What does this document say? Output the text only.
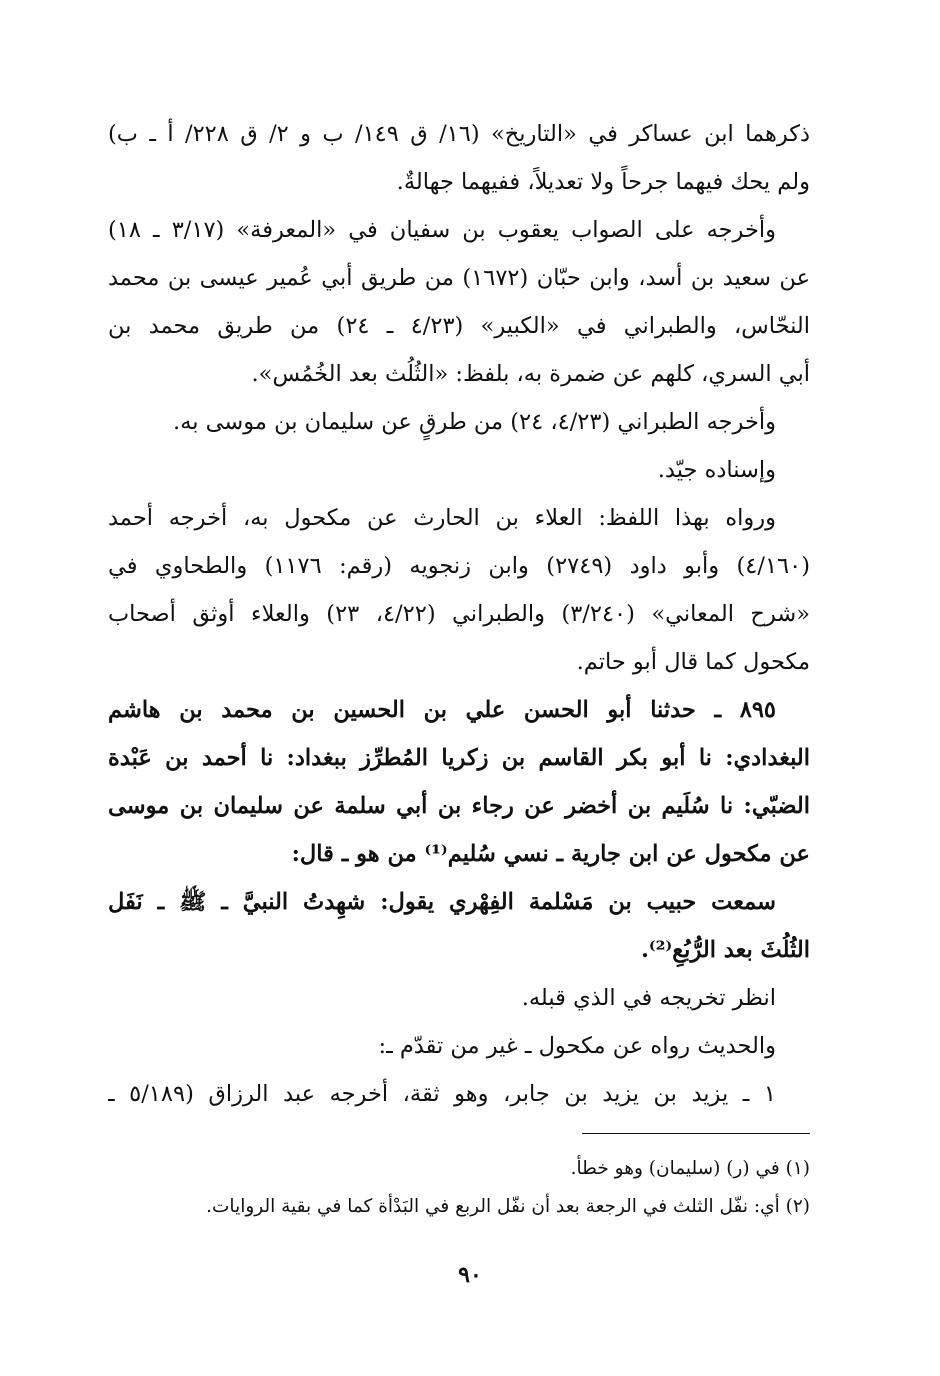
ذكرهما ابن عساكر في «التاريخ» (١٦/ ق ١٤٩/ ب و ٢/ ق ٢٢٨/ أ ـ ب)
ولم يحك فيهما جرحاً ولا تعديلاً، ففيهما جهالةٌ.
وأخرجه على الصواب يعقوب بن سفيان في «المعرفة» (٣/١٧ ـ ١٨)
عن سعيد بن أسد، وابن حبّان (١٦٧٢) من طريق أبي عُمير عيسى بن محمد
النحّاس، والطبراني في «الكبير» (٤/٢٣ ـ ٢٤) من طريق محمد بن
أبي السري، كلهم عن ضمرة به، بلفظ: «الثُلُث بعد الخُمُس».
وأخرجه الطبراني (٤/٢٣، ٢٤) من طرقٍ عن سليمان بن موسى به.
وإسناده جيّد.
ورواه بهذا اللفظ: العلاء بن الحارث عن مكحول به، أخرجه أحمد
(٤/١٦٠) وأبو داود (٢٧٤٩) وابن زنجويه (رقم: ١١٧٦) والطحاوي في
«شرح المعاني» (٣/٢٤٠) والطبراني (٤/٢٢، ٢٣) والعلاء أوثق أصحاب
مكحول كما قال أبو حاتم.
٨٩٥ ـ حدثنا أبو الحسن علي بن الحسين بن محمد بن هاشم
البغدادي: نا أبو بكر القاسم بن زكريا المُطرِّز ببغداد: نا أحمد بن عَبْدة
الضبّي: نا سُلَيم بن أخضر عن رجاء بن أبي سلمة عن سليمان بن موسى
عن مكحول عن ابن جارية ـ نسي سُليم⁽¹⁾ من هو ـ قال:
سمعت حبيب بن مَسْلمة الفِهْري يقول: شهِدتُ النبيَّ ـ ﷺ ـ نَفَل
الثُلُثَ بعد الرُّبُعِ⁽²⁾.
انظر تخريجه في الذي قبله.
والحديث رواه عن مكحول ـ غير من تقدّم ـ:
١ ـ يزيد بن يزيد بن جابر، وهو ثقة، أخرجه عبد الرزاق (٥/١٨٩ ـ
(١) في (ر) (سليمان) وهو خطأ.
(٢) أي: نفّل الثلث في الرجعة بعد أن نفّل الربع في البَدْأة كما في بقية الروايات.
٩٠
